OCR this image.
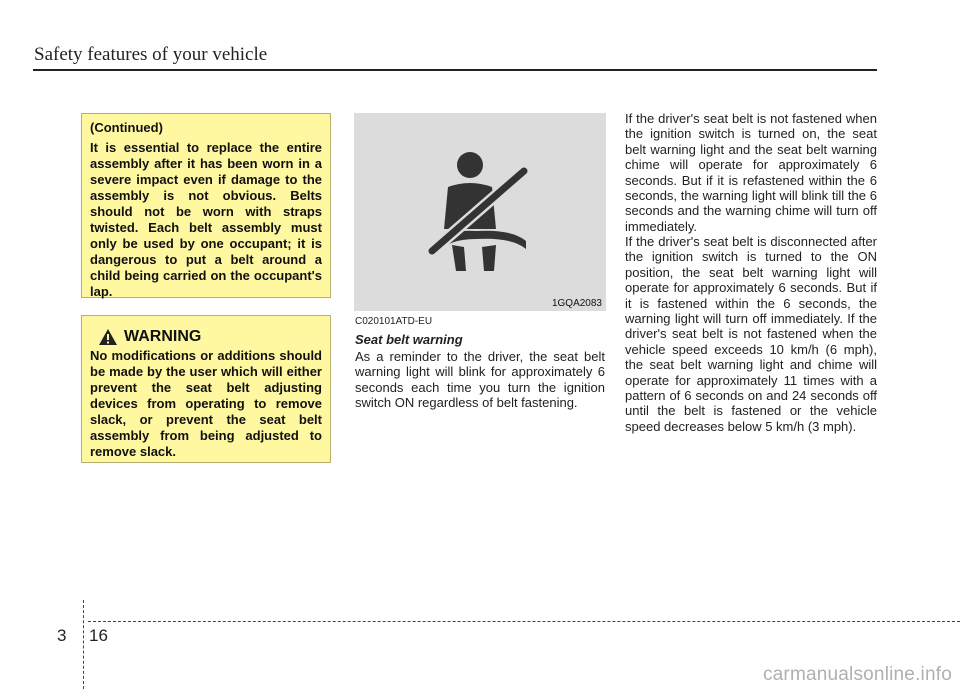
Safety features of your vehicle

(Continued)

It is essential to replace the entire assembly after it has been worn in a severe impact even if damage to the assembly is not obvious. Belts should not be worn with straps twisted. Each belt assembly must only be used by one occupant; it is dangerous to put a belt around a child being carried on the occupant's lap.

WARNING

No modifications or additions should be made by the user which will either prevent the seat belt adjusting devices from operating to remove slack, or prevent the seat belt assembly from being adjusted to remove slack.

1GQA2083
C020101ATD-EU
Seat belt warning

As a reminder to the driver, the seat belt warning light will blink for approximately 6 seconds each time you turn the ignition switch ON regardless of belt fastening.

If the driver's seat belt is not fastened when the ignition switch is turned on, the seat belt warning light and the seat belt warning chime will operate for approximately 6 seconds. But if it is refastened within the 6 seconds, the warning light will blink till the 6 seconds and the warning chime will turn off immediately.

If the driver's seat belt is disconnected after the ignition switch is turned to the ON position, the seat belt warning light will operate for approximately 6 seconds. But if it is fastened within the 6 seconds, the warning light will turn off immediately. If the driver's seat belt is not fastened when the vehicle speed exceeds 10 km/h (6 mph), the seat belt warning light and chime will operate for approximately 11 times with a pattern of 6 seconds on and 24 seconds off until the belt is fastened or the vehicle speed decreases below 5 km/h (3 mph).

3 16
carmanualsonline.info
